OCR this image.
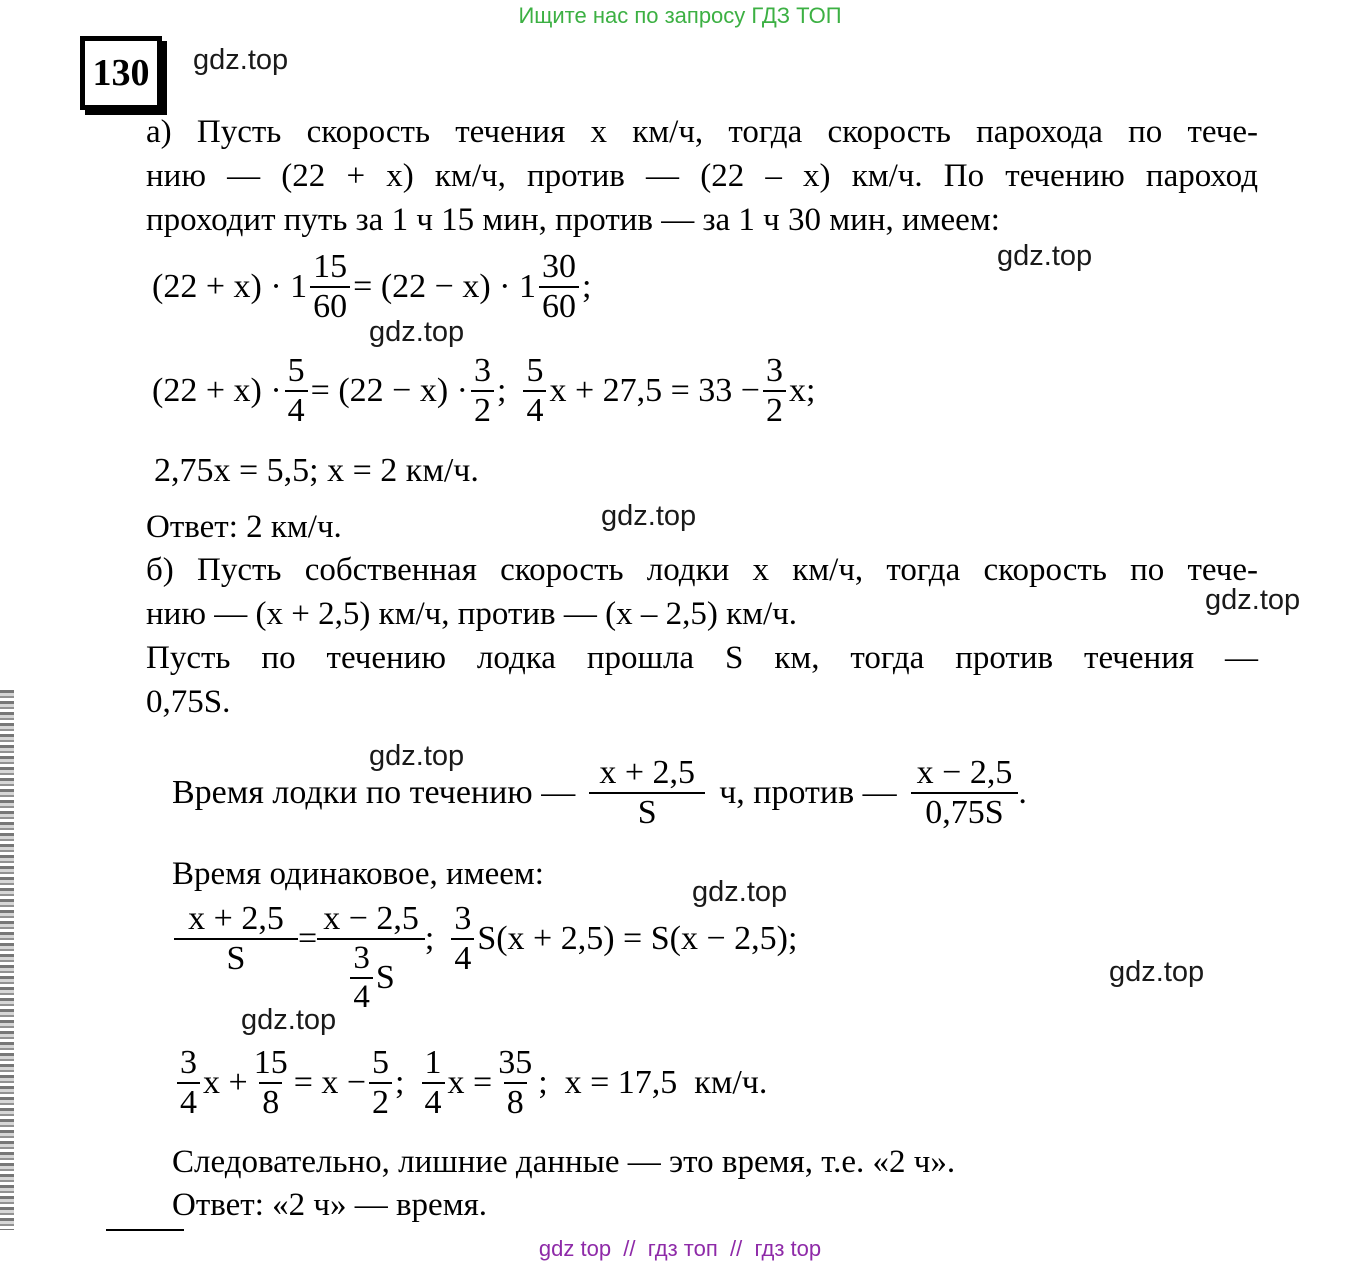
Ищите нас по запросу ГДЗ ТОП
130 gdz.top
gdz.top
gdz.top
gdz.top
gdz.top
gdz.top
gdz.top
gdz.top
gdz.top
а) Пусть скорость течения x км/ч, тогда скорость парохода по тече-
нию — (22 + x) км/ч, против — (22 – x) км/ч. По течению пароход
проходит путь за 1 ч 15 мин, против — за 1 ч 30 мин, имеем:
$(22 + x) \cdot 1 \frac{15}{60} = (22 - x) \cdot 1 \frac{30}{60}$ ;
$(22 + x) \cdot \frac{5}{4} = (22 - x) \cdot \frac{3}{2}$ ; $\frac{5}{4}$ $x + 27,5 = 33 - \frac{3}{2} x$;
2,75x = 5,5; x = 2 км/ч.
Ответ: 2 км/ч.
б) Пусть собственная скорость лодки x км/ч, тогда скорость по тече-
нию — (x + 2,5) км/ч, против — (x – 2,5) км/ч.
Пусть по течению лодка прошла S км, тогда против течения —
0,75S.
Время лодки по течению — $\frac{x + 2,5}{S} ч$, против — $\frac{x - 2,5}{0,75S}$ .
Время одинаковое, имеем:
$\frac{x + 2,5}{S} = \frac{x - 2,5}{\frac{3}{4} S}$ ; $\frac{3}{4} S(x + 2,5) = S(x - 2,5)$;
$\frac{3}{4}$ $x + \frac{15}{8} = x - \frac{5}{2}$ ; $\frac{1}{4}$ $x = \frac{35}{8}$ ;  x = 17,5  км/ч.
Следовательно, лишние данные — это время, т.е. «2 ч».
Ответ: «2 ч» — время.
gdz top  //  гдз топ  //  гдз top
